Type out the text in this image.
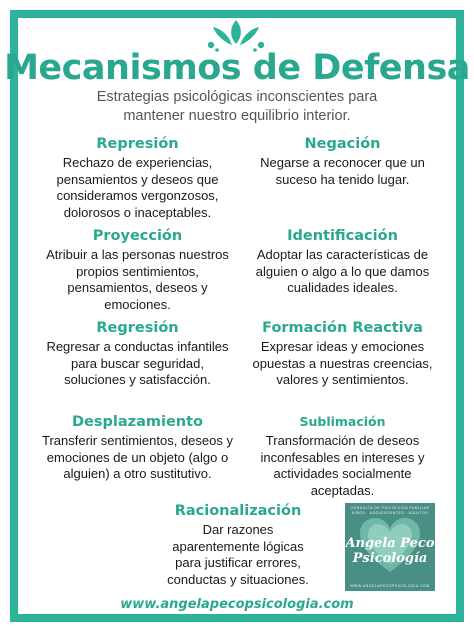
Mecanismos de Defensa
Estrategias psicológicas inconscientes para mantener nuestro equilibrio interior.
Represión

Rechazo de experiencias, pensamientos y deseos que consideramos vergonzosos, dolorosos o inaceptables.

Negación

Negarse a reconocer que un suceso ha tenido lugar.

Proyección

Atribuir a las personas nuestros propios sentimientos, pensamientos, deseos y emociones.

Identificación

Adoptar las características de alguien o algo a lo que damos cualidades ideales.

Regresión

Regresar a conductas infantiles para buscar seguridad, soluciones y satisfacción.

Formación Reactiva

Expresar ideas y emociones opuestas a nuestras creencias, valores y sentimientos.

Desplazamiento

Transferir sentimientos, deseos y emociones de un objeto (algo o alguien) a otro sustitutivo.

Sublimación

Transformación de deseos inconfesables en intereses y actividades socialmente aceptadas.

Racionalización

Dar razones aparentemente lógicas para justificar errores, conductas y situaciones.

CONSULTA DE PSICOLOGÍA FAMILIAR
NIÑOS · ADOLESCENTES · ADULTOS
Angela Peco
Psicología
WWW.ANGELAPECOPSICOLOGIA.COM
www.angelapecopsicologia.com
